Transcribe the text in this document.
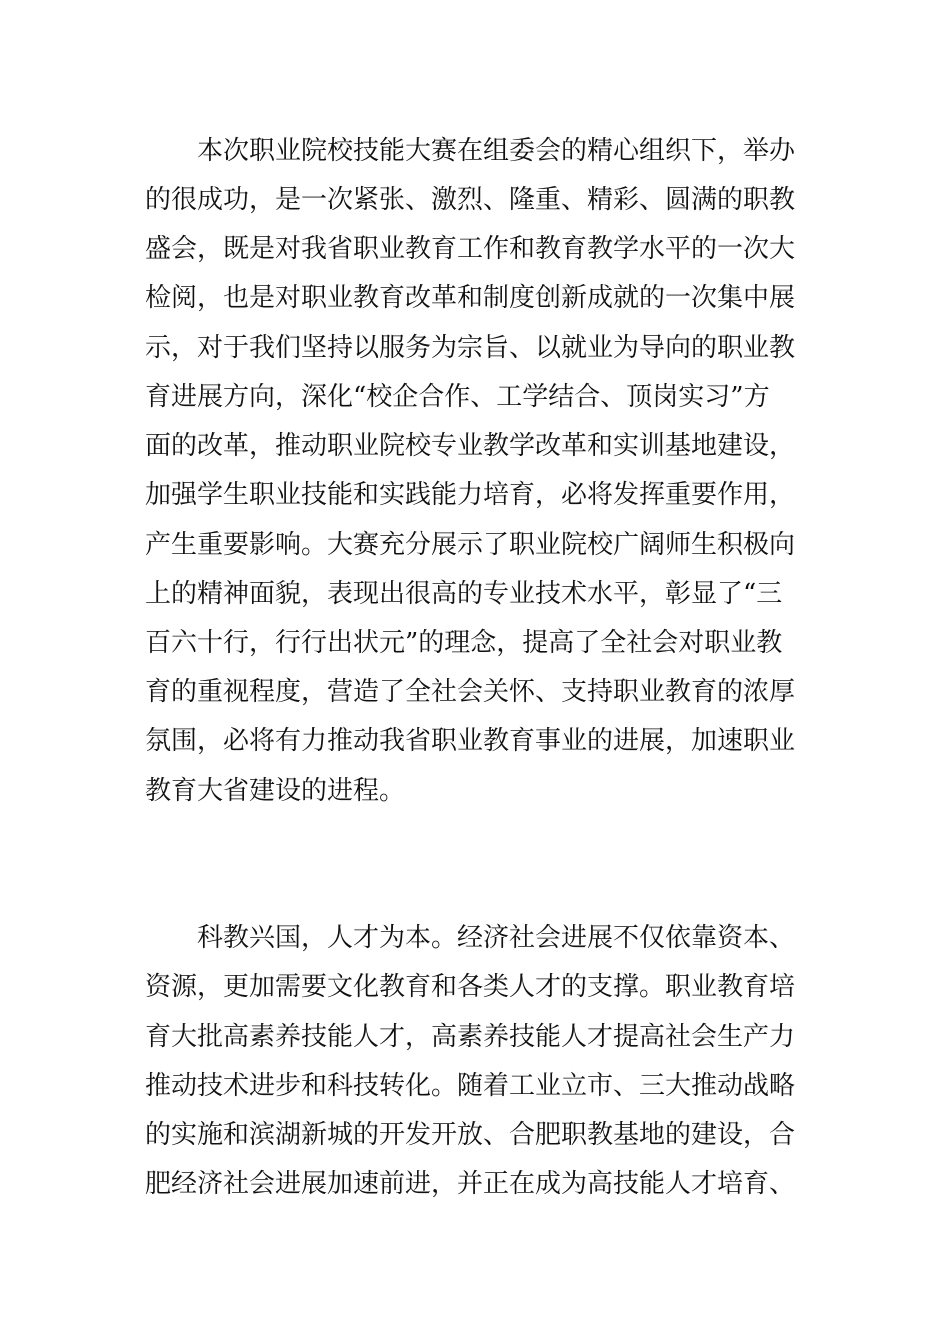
本次职业院校技能大赛在组委会的精心组织下，举办
的很成功，是一次紧张、激烈、隆重、精彩、圆满的职教
盛会，既是对我省职业教育工作和教育教学水平的一次大
检阅，也是对职业教育改革和制度创新成就的一次集中展
示，对于我们坚持以服务为宗旨、以就业为导向的职业教
育进展方向，深化“校企合作、工学结合、顶岗实习”方
面的改革，推动职业院校专业教学改革和实训基地建设，
加强学生职业技能和实践能力培育，必将发挥重要作用，
产生重要影响。大赛充分展示了职业院校广阔师生积极向
上的精神面貌，表现出很高的专业技术水平，彰显了“三
百六十行，行行出状元”的理念，提高了全社会对职业教
育的重视程度，营造了全社会关怀、支持职业教育的浓厚
氛围，必将有力推动我省职业教育事业的进展，加速职业
教育大省建设的进程。
科教兴国，人才为本。经济社会进展不仅依靠资本、
资源，更加需要文化教育和各类人才的支撑。职业教育培
育大批高素养技能人才，高素养技能人才提高社会生产力
推动技术进步和科技转化。随着工业立市、三大推动战略
的实施和滨湖新城的开发开放、合肥职教基地的建设，合
肥经济社会进展加速前进，并正在成为高技能人才培育、
